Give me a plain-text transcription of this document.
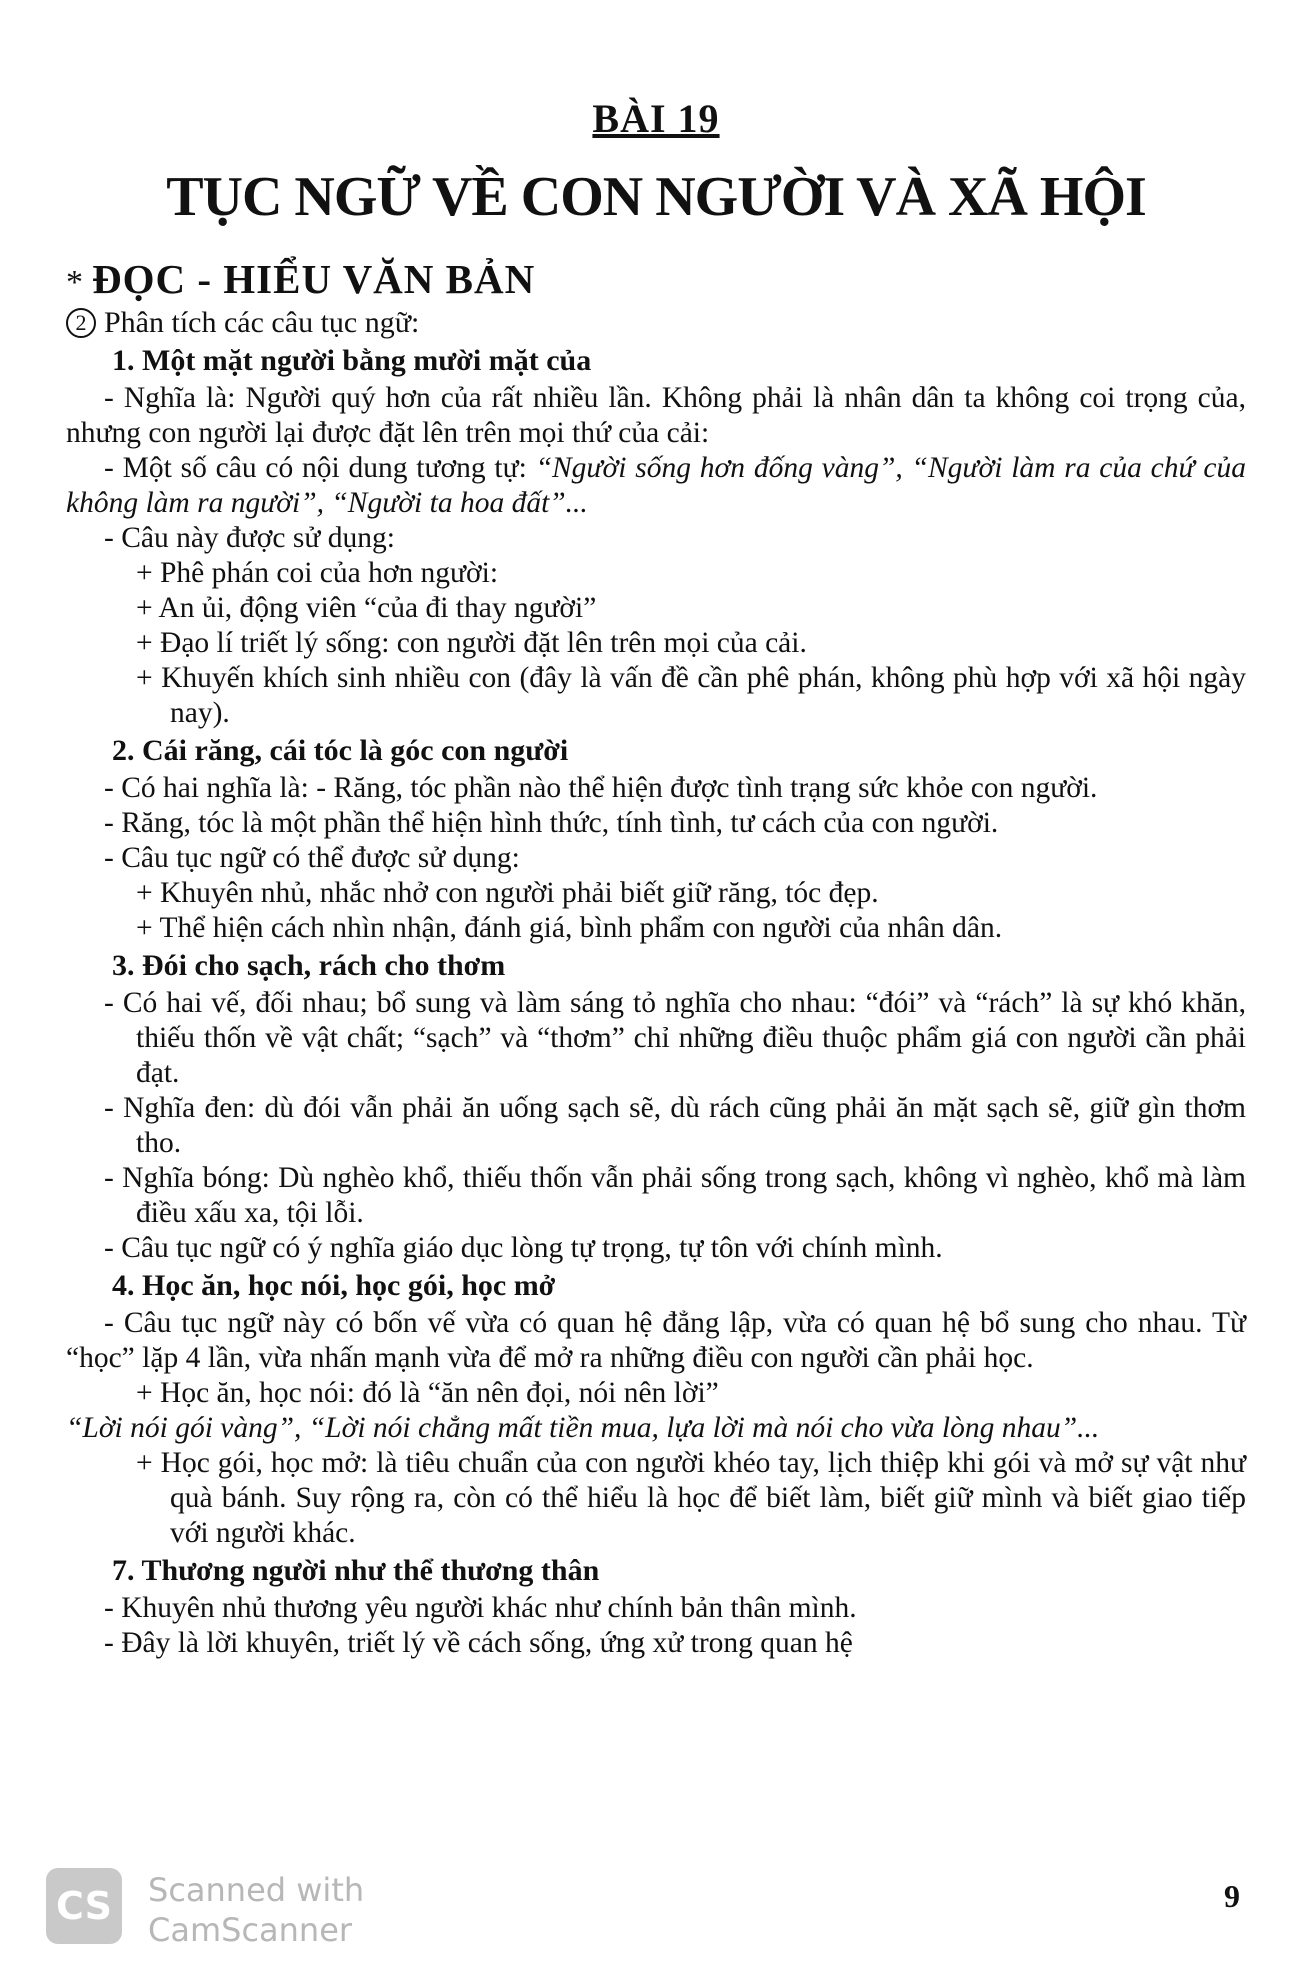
BÀI 19
TỤC NGỮ VỀ CON NGƯỜI VÀ XÃ HỘI
* ĐỌC - HIỂU VĂN BẢN
2 Phân tích các câu tục ngữ:
1. Một mặt người bằng mười mặt của
- Nghĩa là: Người quý hơn của rất nhiều lần. Không phải là nhân dân ta không coi trọng của, nhưng con người lại được đặt lên trên mọi thứ của cải:
- Một số câu có nội dung tương tự: “Người sống hơn đống vàng”, “Người làm ra của chứ của không làm ra người”, “Người ta hoa đất”...
- Câu này được sử dụng:
+ Phê phán coi của hơn người:
+ An ủi, động viên “của đi thay người”
+ Đạo lí triết lý sống: con người đặt lên trên mọi của cải.
+ Khuyến khích sinh nhiều con (đây là vấn đề cần phê phán, không phù hợp với xã hội ngày nay).
2. Cái răng, cái tóc là góc con người
- Có hai nghĩa là: - Răng, tóc phần nào thể hiện được tình trạng sức khỏe con người.
- Răng, tóc là một phần thể hiện hình thức, tính tình, tư cách của con người.
- Câu tục ngữ có thể được sử dụng:
+ Khuyên nhủ, nhắc nhở con người phải biết giữ răng, tóc đẹp.
+ Thể hiện cách nhìn nhận, đánh giá, bình phẩm con người của nhân dân.
3. Đói cho sạch, rách cho thơm
- Có hai vế, đối nhau; bổ sung và làm sáng tỏ nghĩa cho nhau: “đói” và “rách” là sự khó khăn, thiếu thốn về vật chất; “sạch” và “thơm” chỉ những điều thuộc phẩm giá con người cần phải đạt.
- Nghĩa đen: dù đói vẫn phải ăn uống sạch sẽ, dù rách cũng phải ăn mặt sạch sẽ, giữ gìn thơm tho.
- Nghĩa bóng: Dù nghèo khổ, thiếu thốn vẫn phải sống trong sạch, không vì nghèo, khổ mà làm điều xấu xa, tội lỗi.
- Câu tục ngữ có ý nghĩa giáo dục lòng tự trọng, tự tôn với chính mình.
4. Học ăn, học nói, học gói, học mở
- Câu tục ngữ này có bốn vế vừa có quan hệ đẳng lập, vừa có quan hệ bổ sung cho nhau. Từ “học” lặp 4 lần, vừa nhấn mạnh vừa để mở ra những điều con người cần phải học.
+ Học ăn, học nói: đó là “ăn nên đọi, nói nên lời”
“Lời nói gói vàng”, “Lời nói chẳng mất tiền mua, lựa lời mà nói cho vừa lòng nhau”...
+ Học gói, học mở: là tiêu chuẩn của con người khéo tay, lịch thiệp khi gói và mở sự vật như quà bánh. Suy rộng ra, còn có thể hiểu là học để biết làm, biết giữ mình và biết giao tiếp với người khác.
7. Thương người như thể thương thân
- Khuyên nhủ thương yêu người khác như chính bản thân mình.
- Đây là lời khuyên, triết lý về cách sống, ứng xử trong quan hệ
CS Scanned with
CamScanner
9
